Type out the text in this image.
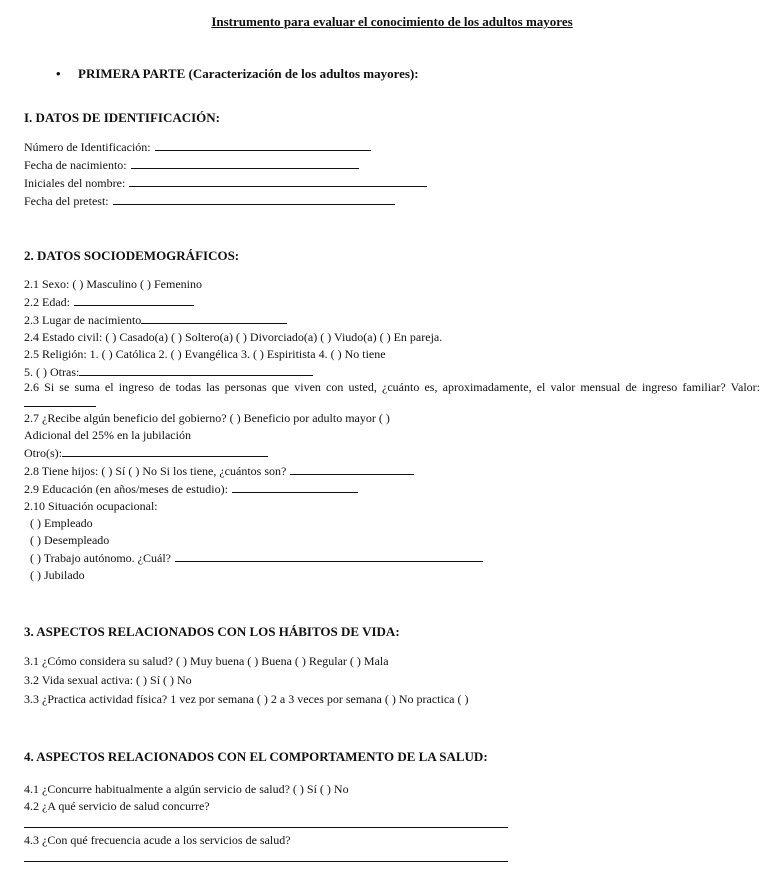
Instrumento para evaluar el conocimiento de los adultos mayores
• PRIMERA PARTE (Caracterización de los adultos mayores):
I. DATOS DE IDENTIFICACIÓN:
Número de Identificación:
Fecha de nacimiento:
Iniciales del nombre:
Fecha del pretest:
2. DATOS SOCIODEMOGRÁFICOS:
2.1 Sexo: ( ) Masculino ( ) Femenino
2.2 Edad:
2.3 Lugar de nacimiento
2.4 Estado civil: ( ) Casado(a) ( ) Soltero(a) ( ) Divorciado(a) ( ) Viudo(a) ( ) En pareja.
2.5 Religión: 1. ( ) Católica 2. ( ) Evangélica 3. ( ) Espiritista 4. ( ) No tiene
5. ( ) Otras:
2.6 Si se suma el ingreso de todas las personas que viven con usted, ¿cuánto es, aproximadamente, el valor mensual de ingreso familiar? Valor:
2.7 ¿Recibe algún beneficio del gobierno? ( ) Beneficio por adulto mayor ( )
Adicional del 25% en la jubilación
Otro(s):
2.8 Tiene hijos: ( ) Sí ( ) No Si los tiene, ¿cuántos son?
2.9 Educación (en años/meses de estudio):
2.10 Situación ocupacional:
( ) Empleado
( ) Desempleado
( ) Trabajo autónomo. ¿Cuál?
( ) Jubilado
3. ASPECTOS RELACIONADOS CON LOS HÁBITOS DE VIDA:
3.1 ¿Cómo considera su salud? ( ) Muy buena ( ) Buena ( ) Regular ( ) Mala
3.2 Vida sexual activa: ( ) Sí ( ) No
3.3 ¿Practica actividad física? 1 vez por semana ( ) 2 a 3 veces por semana ( ) No practica ( )
4. ASPECTOS RELACIONADOS CON EL COMPORTAMENTO DE LA SALUD:
4.1 ¿Concurre habitualmente a algún servicio de salud? ( ) Sí ( ) No
4.2 ¿A qué servicio de salud concurre?
4.3 ¿Con qué frecuencia acude a los servicios de salud?
